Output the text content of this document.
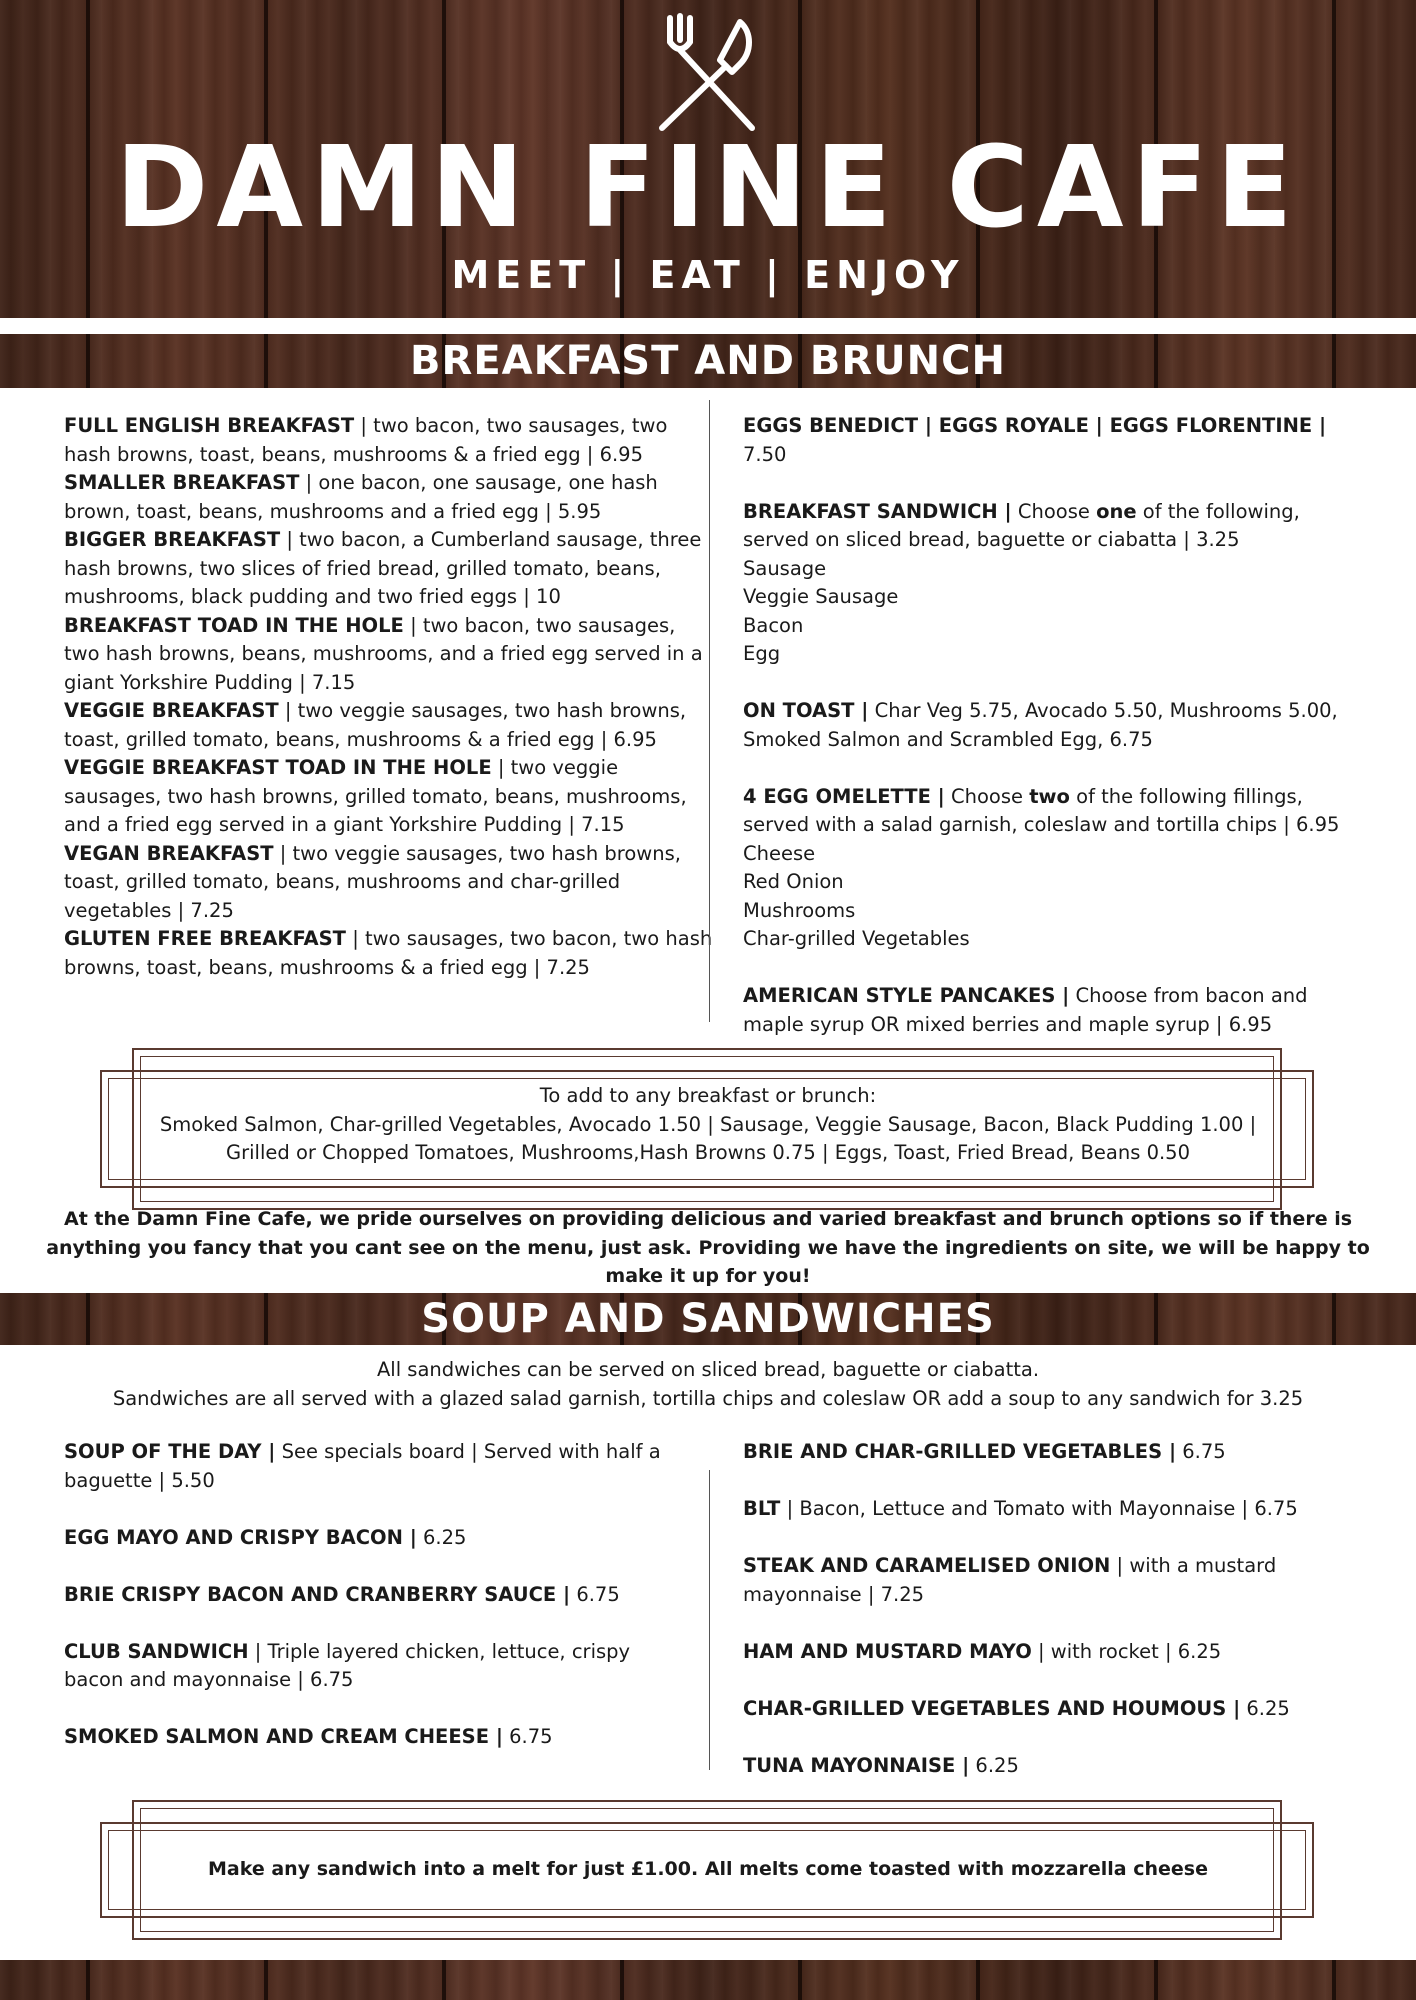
DAMN FINE CAFE
MEET | EAT | ENJOY
BREAKFAST AND BRUNCH

FULL ENGLISH BREAKFAST | two bacon, two sausages, two hash browns, toast, beans, mushrooms & a fried egg | 6.95

SMALLER BREAKFAST | one bacon, one sausage, one hash brown, toast, beans, mushrooms and a fried egg | 5.95

BIGGER BREAKFAST | two bacon, a Cumberland sausage, three hash browns, two slices of fried bread, grilled tomato, beans, mushrooms, black pudding and two fried eggs | 10

BREAKFAST TOAD IN THE HOLE | two bacon, two sausages, two hash browns, beans, mushrooms, and a fried egg served in a giant Yorkshire Pudding | 7.15

VEGGIE BREAKFAST | two veggie sausages, two hash browns, toast, grilled tomato, beans, mushrooms & a fried egg | 6.95

VEGGIE BREAKFAST TOAD IN THE HOLE | two veggie sausages, two hash browns, grilled tomato, beans, mushrooms, and a fried egg served in a giant Yorkshire Pudding | 7.15

VEGAN BREAKFAST | two veggie sausages, two hash browns, toast, grilled tomato, beans, mushrooms and char-grilled vegetables | 7.25

GLUTEN FREE BREAKFAST | two sausages, two bacon, two hash browns, toast, beans, mushrooms & a fried egg | 7.25

EGGS BENEDICT | EGGS ROYALE | EGGS FLORENTINE | 7.50

BREAKFAST SANDWICH | Choose one of the following, served on sliced bread, baguette or ciabatta | 3.25

Sausage

Veggie Sausage

Bacon

Egg

ON TOAST | Char Veg 5.75, Avocado 5.50, Mushrooms 5.00, Smoked Salmon and Scrambled Egg, 6.75

4 EGG OMELETTE | Choose two of the following fillings, served with a salad garnish, coleslaw and tortilla chips | 6.95

Cheese

Red Onion

Mushrooms

Char-grilled Vegetables

AMERICAN STYLE PANCAKES | Choose from bacon and maple syrup OR mixed berries and maple syrup | 6.95

To add to any breakfast or brunch:
Smoked Salmon, Char-grilled Vegetables, Avocado 1.50 | Sausage, Veggie Sausage, Bacon, Black Pudding 1.00 |
Grilled or Chopped Tomatoes, Mushrooms,Hash Browns 0.75 | Eggs, Toast, Fried Bread, Beans 0.50

At the Damn Fine Cafe, we pride ourselves on providing delicious and varied breakfast and brunch options so if there is anything you fancy that you cant see on the menu, just ask. Providing we have the ingredients on site, we will be happy to make it up for you!

SOUP AND SANDWICHES
All sandwiches can be served on sliced bread, baguette or ciabatta.
Sandwiches are all served with a glazed salad garnish, tortilla chips and coleslaw OR add a soup to any sandwich for 3.25

SOUP OF THE DAY | See specials board | Served with half a baguette | 5.50

EGG MAYO AND CRISPY BACON | 6.25

BRIE CRISPY BACON AND CRANBERRY SAUCE | 6.75

CLUB SANDWICH | Triple layered chicken, lettuce, crispy bacon and mayonnaise | 6.75

SMOKED SALMON AND CREAM CHEESE | 6.75

BRIE AND CHAR-GRILLED VEGETABLES | 6.75

BLT | Bacon, Lettuce and Tomato with Mayonnaise | 6.75

STEAK AND CARAMELISED ONION | with a mustard mayonnaise | 7.25

HAM AND MUSTARD MAYO | with rocket | 6.25

CHAR-GRILLED VEGETABLES AND HOUMOUS | 6.25

TUNA MAYONNAISE | 6.25

Make any sandwich into a melt for just £1.00. All melts come toasted with mozzarella cheese
